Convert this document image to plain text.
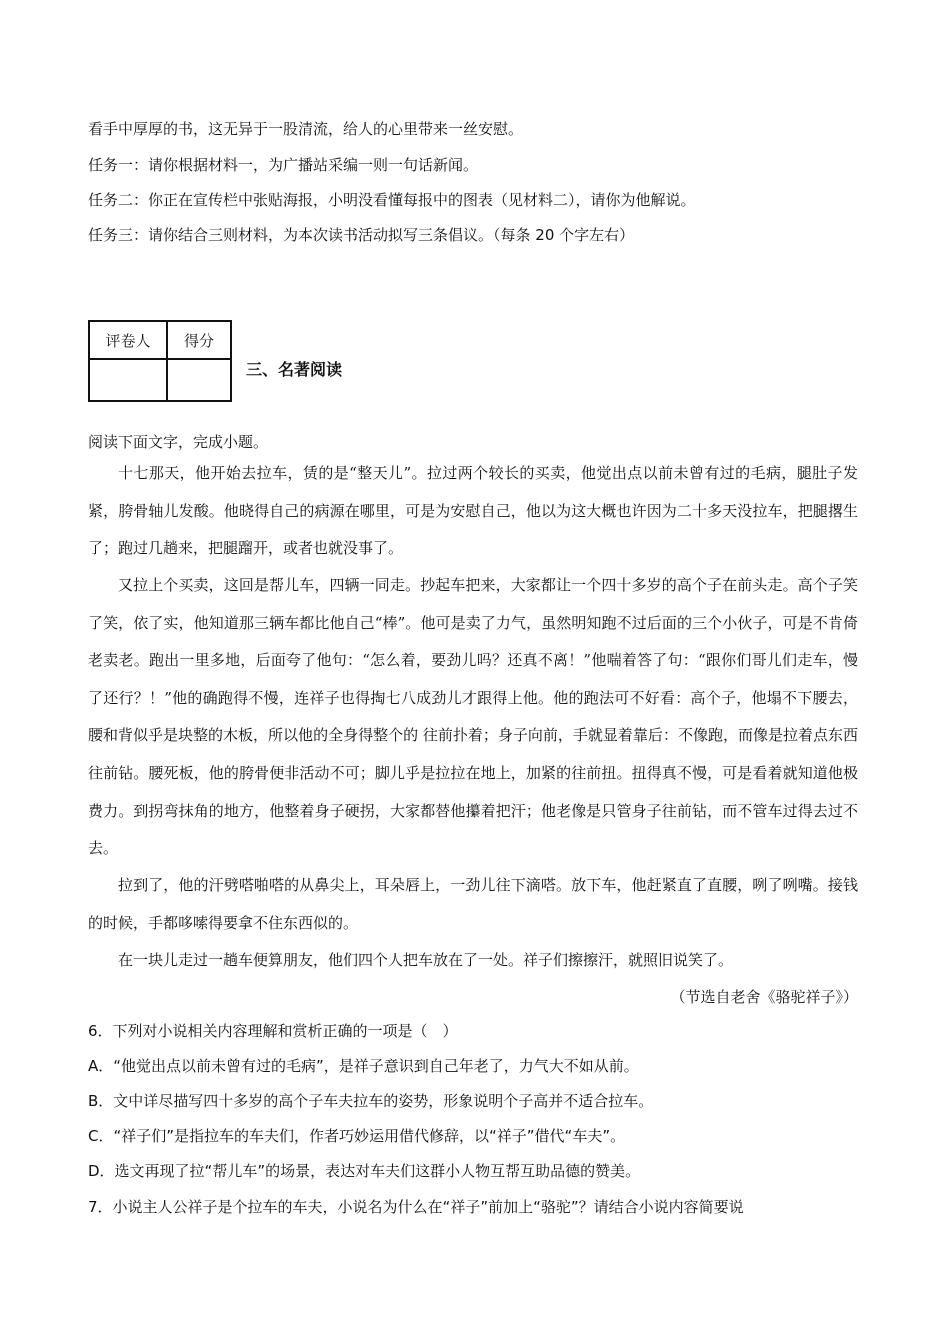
看手中厚厚的书，这无异于一股清流，给人的心里带来一丝安慰。
任务一：请你根据材料一，为广播站采编一则一句话新闻。
任务二：你正在宣传栏中张贴海报，小明没看懂每报中的图表（见材料二），请你为他解说。
任务三：请你结合三则材料，为本次读书活动拟写三条倡议。（每条 20 个字左右）
评卷人	得分

三、名著阅读
阅读下面文字，完成小题。
十七那天，他开始去拉车，赁的是“整天儿”。拉过两个较长的买卖，他觉出点以前未曾有过的毛病，腿肚子发紧，胯骨轴儿发酸。他晓得自己的病源在哪里，可是为安慰自己，他以为这大概也许因为二十多天没拉车，把腿撂生了；跑过几趟来，把腿蹓开，或者也就没事了。
又拉上个买卖，这回是帮儿车，四辆一同走。抄起车把来，大家都让一个四十多岁的高个子在前头走。高个子笑了笑，依了实，他知道那三辆车都比他自己“棒”。他可是卖了力气，虽然明知跑不过后面的三个小伙子，可是不肯倚老卖老。跑出一里多地，后面夸了他句：“怎么着，要劲儿吗？还真不离！”他喘着答了句：“跟你们哥儿们走车，慢了还行？！”他的确跑得不慢，连祥子也得掏七八成劲儿才跟得上他。他的跑法可不好看：高个子，他塌不下腰去，腰和背似乎是块整的木板，所以他的全身得整个的 往前扑着；身子向前，手就显着靠后：不像跑，而像是拉着点东西往前钻。腰死板，他的胯骨便非活动不可；脚儿乎是拉拉在地上，加紧的往前扭。扭得真不慢，可是看着就知道他极费力。到拐弯抹角的地方，他整着身子硬拐，大家都替他攥着把汗；他老像是只管身子往前钻，而不管车过得去过不去。
拉到了，他的汗劈嗒啪嗒的从鼻尖上，耳朵唇上，一劲儿往下滴嗒。放下车，他赶紧直了直腰，咧了咧嘴。接钱的时候，手都哆嗦得要拿不住东西似的。
在一块儿走过一趟车便算朋友，他们四个人把车放在了一处。祥子们擦擦汗，就照旧说笑了。
（节选自老舍《骆驼祥子》）
6．下列对小说相关内容理解和赏析正确的一项是（　）
A．“他觉出点以前未曾有过的毛病”，是祥子意识到自己年老了，力气大不如从前。
B．文中详尽描写四十多岁的高个子车夫拉车的姿势，形象说明个子高并不适合拉车。
C．“祥子们”是指拉车的车夫们，作者巧妙运用借代修辞，以“祥子”借代“车夫”。
D．选文再现了拉“帮儿车”的场景，表达对车夫们这群小人物互帮互助品德的赞美。
7．小说主人公祥子是个拉车的车夫，小说名为什么在“祥子”前加上“骆驼”？请结合小说内容简要说
